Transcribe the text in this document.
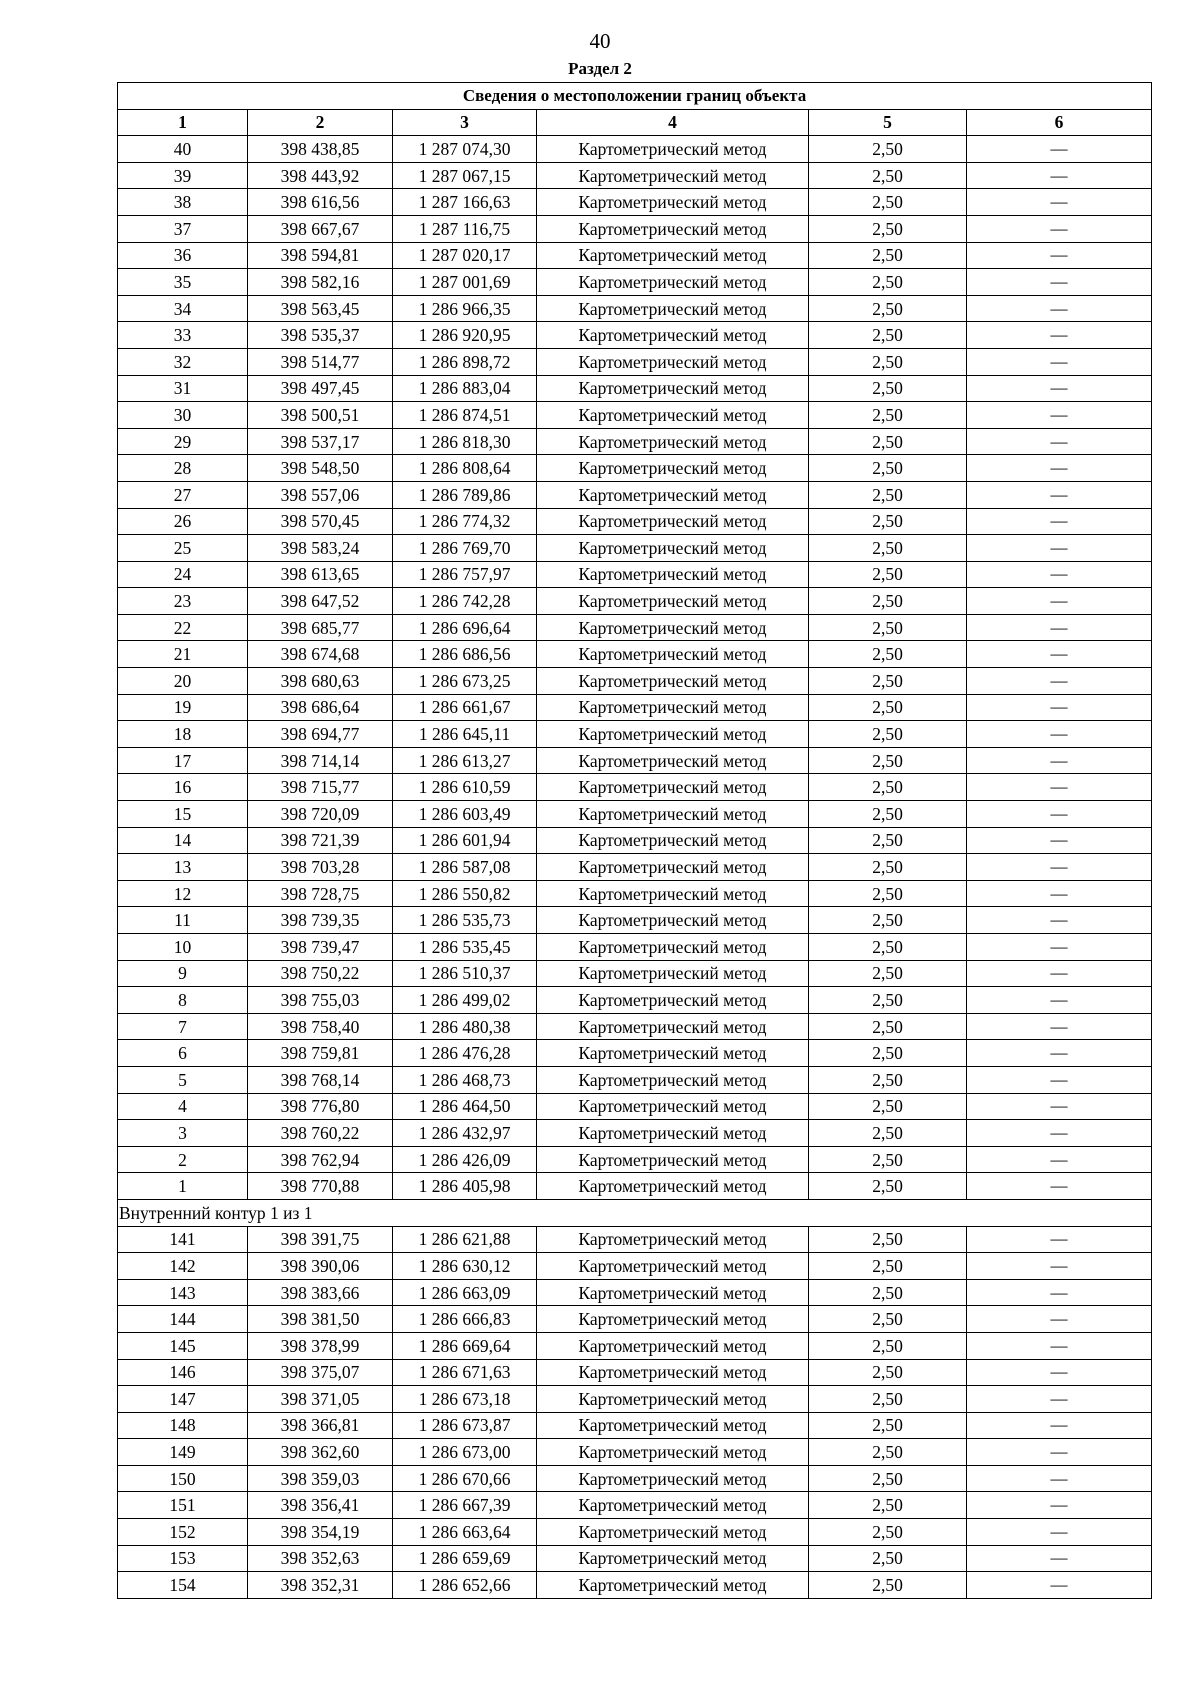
40
Раздел 2
Сведения о местоположении границ объекта					
1	2	3	4	5	6
40	398 438,85	1 287 074,30	Картометрический метод	2,50	—
39	398 443,92	1 287 067,15	Картометрический метод	2,50	—
38	398 616,56	1 287 166,63	Картометрический метод	2,50	—
37	398 667,67	1 287 116,75	Картометрический метод	2,50	—
36	398 594,81	1 287 020,17	Картометрический метод	2,50	—
35	398 582,16	1 287 001,69	Картометрический метод	2,50	—
34	398 563,45	1 286 966,35	Картометрический метод	2,50	—
33	398 535,37	1 286 920,95	Картометрический метод	2,50	—
32	398 514,77	1 286 898,72	Картометрический метод	2,50	—
31	398 497,45	1 286 883,04	Картометрический метод	2,50	—
30	398 500,51	1 286 874,51	Картометрический метод	2,50	—
29	398 537,17	1 286 818,30	Картометрический метод	2,50	—
28	398 548,50	1 286 808,64	Картометрический метод	2,50	—
27	398 557,06	1 286 789,86	Картометрический метод	2,50	—
26	398 570,45	1 286 774,32	Картометрический метод	2,50	—
25	398 583,24	1 286 769,70	Картометрический метод	2,50	—
24	398 613,65	1 286 757,97	Картометрический метод	2,50	—
23	398 647,52	1 286 742,28	Картометрический метод	2,50	—
22	398 685,77	1 286 696,64	Картометрический метод	2,50	—
21	398 674,68	1 286 686,56	Картометрический метод	2,50	—
20	398 680,63	1 286 673,25	Картометрический метод	2,50	—
19	398 686,64	1 286 661,67	Картометрический метод	2,50	—
18	398 694,77	1 286 645,11	Картометрический метод	2,50	—
17	398 714,14	1 286 613,27	Картометрический метод	2,50	—
16	398 715,77	1 286 610,59	Картометрический метод	2,50	—
15	398 720,09	1 286 603,49	Картометрический метод	2,50	—
14	398 721,39	1 286 601,94	Картометрический метод	2,50	—
13	398 703,28	1 286 587,08	Картометрический метод	2,50	—
12	398 728,75	1 286 550,82	Картометрический метод	2,50	—
11	398 739,35	1 286 535,73	Картометрический метод	2,50	—
10	398 739,47	1 286 535,45	Картометрический метод	2,50	—
9	398 750,22	1 286 510,37	Картометрический метод	2,50	—
8	398 755,03	1 286 499,02	Картометрический метод	2,50	—
7	398 758,40	1 286 480,38	Картометрический метод	2,50	—
6	398 759,81	1 286 476,28	Картометрический метод	2,50	—
5	398 768,14	1 286 468,73	Картометрический метод	2,50	—
4	398 776,80	1 286 464,50	Картометрический метод	2,50	—
3	398 760,22	1 286 432,97	Картометрический метод	2,50	—
2	398 762,94	1 286 426,09	Картометрический метод	2,50	—
1	398 770,88	1 286 405,98	Картометрический метод	2,50	—
Внутренний контур 1 из 1					
141	398 391,75	1 286 621,88	Картометрический метод	2,50	—
142	398 390,06	1 286 630,12	Картометрический метод	2,50	—
143	398 383,66	1 286 663,09	Картометрический метод	2,50	—
144	398 381,50	1 286 666,83	Картометрический метод	2,50	—
145	398 378,99	1 286 669,64	Картометрический метод	2,50	—
146	398 375,07	1 286 671,63	Картометрический метод	2,50	—
147	398 371,05	1 286 673,18	Картометрический метод	2,50	—
148	398 366,81	1 286 673,87	Картометрический метод	2,50	—
149	398 362,60	1 286 673,00	Картометрический метод	2,50	—
150	398 359,03	1 286 670,66	Картометрический метод	2,50	—
151	398 356,41	1 286 667,39	Картометрический метод	2,50	—
152	398 354,19	1 286 663,64	Картометрический метод	2,50	—
153	398 352,63	1 286 659,69	Картометрический метод	2,50	—
154	398 352,31	1 286 652,66	Картометрический метод	2,50	—
